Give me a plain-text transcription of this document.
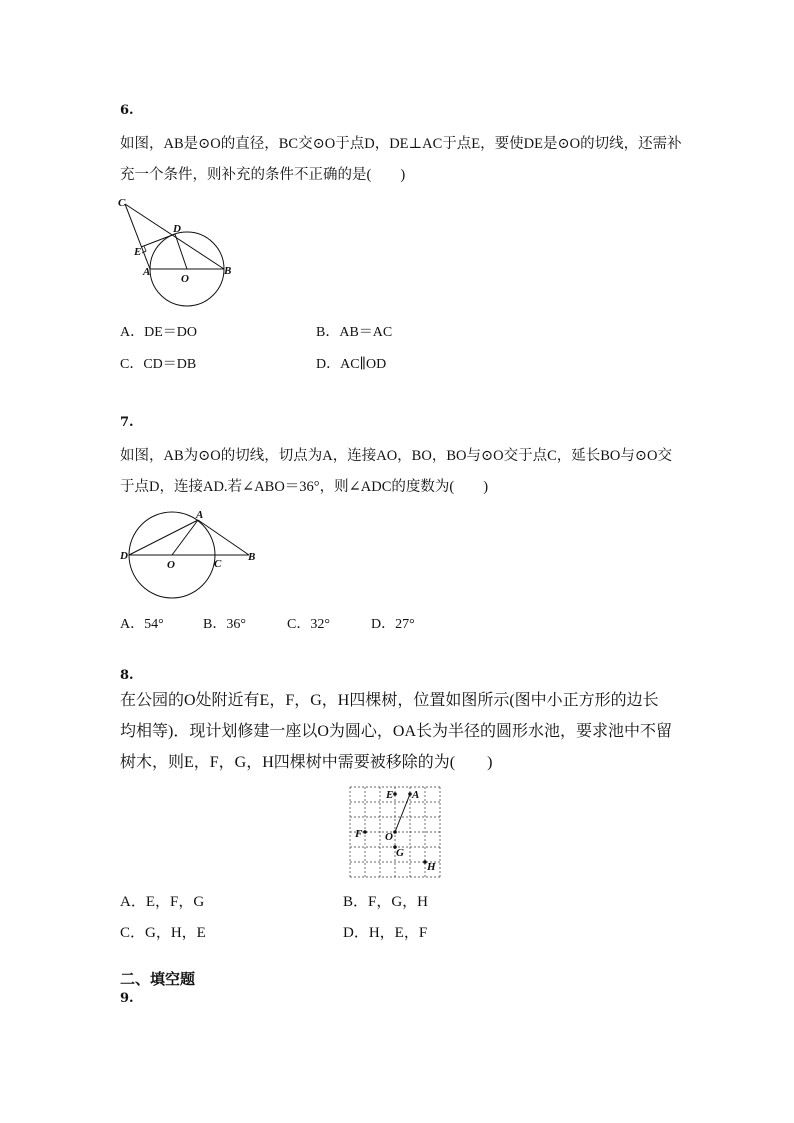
6.
如图，AB是⊙O的直径，BC交⊙O于点D，DE⊥AC于点E，要使DE是⊙O的切线，还需补
充一个条件，则补充的条件不正确的是(　　)
C
D
E
A
O
B
A．DE＝DO	B．AB＝AC
C．CD＝DB	D．AC∥OD
7.
如图，AB为⊙O的切线，切点为A，连接AO，BO，BO与⊙O交于点C，延长BO与⊙O交
于点D，连接AD.若∠ABO＝36°，则∠ADC的度数为(　　)
A
D
O	C
B
A．54°	B．36°	C．32°	D．27°
8.
在公园的O处附近有E，F，G，H四棵树，位置如图所示(图中小正方形的边长
均相等)．现计划修建一座以O为圆心，OA长为半径的圆形水池，要求池中不留
树木，则E，F，G，H四棵树中需要被移除的为(　　)
E A
F O
G
H
A．E，F，G	B．F，G，H
C．G，H，E	D．H，E，F
二、填空题
9.
